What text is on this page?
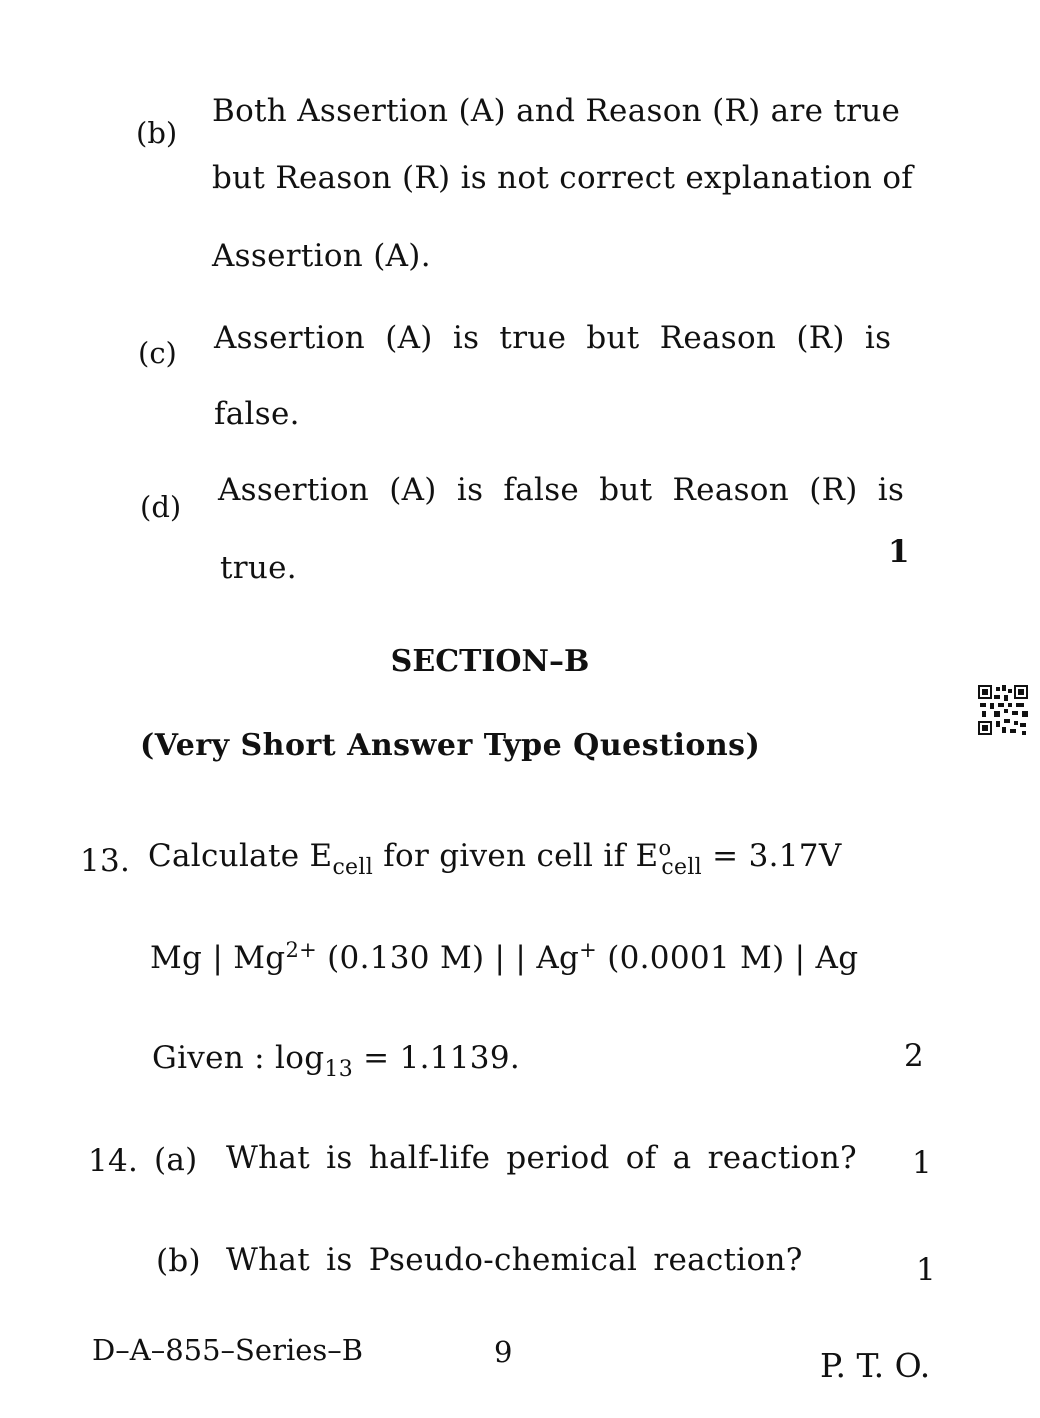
(b)
Both Assertion (A) and Reason (R) are true
but Reason (R) is not correct explanation of
Assertion (A).
(c) Assertion (A) is true but Reason (R) is
false.
(d) Assertion (A) is false but Reason (R) is
true.	1
SECTION–B
(Very Short Answer Type Questions)
13. Calculate $E_{cell}$ for given cell if $E^o_{cell} = 3.17V$
Mg | $Mg^{2+}$ (0.130 M) | | Ag+ (0.0001 M) | Ag
Given : $\log_{13} = 1.1139$.	2
14. (a) What is half-life period of a reaction? 1
(b) What is Pseudo-chemical reaction?	1
D–A–855–Series–B	9	P. T. O.
